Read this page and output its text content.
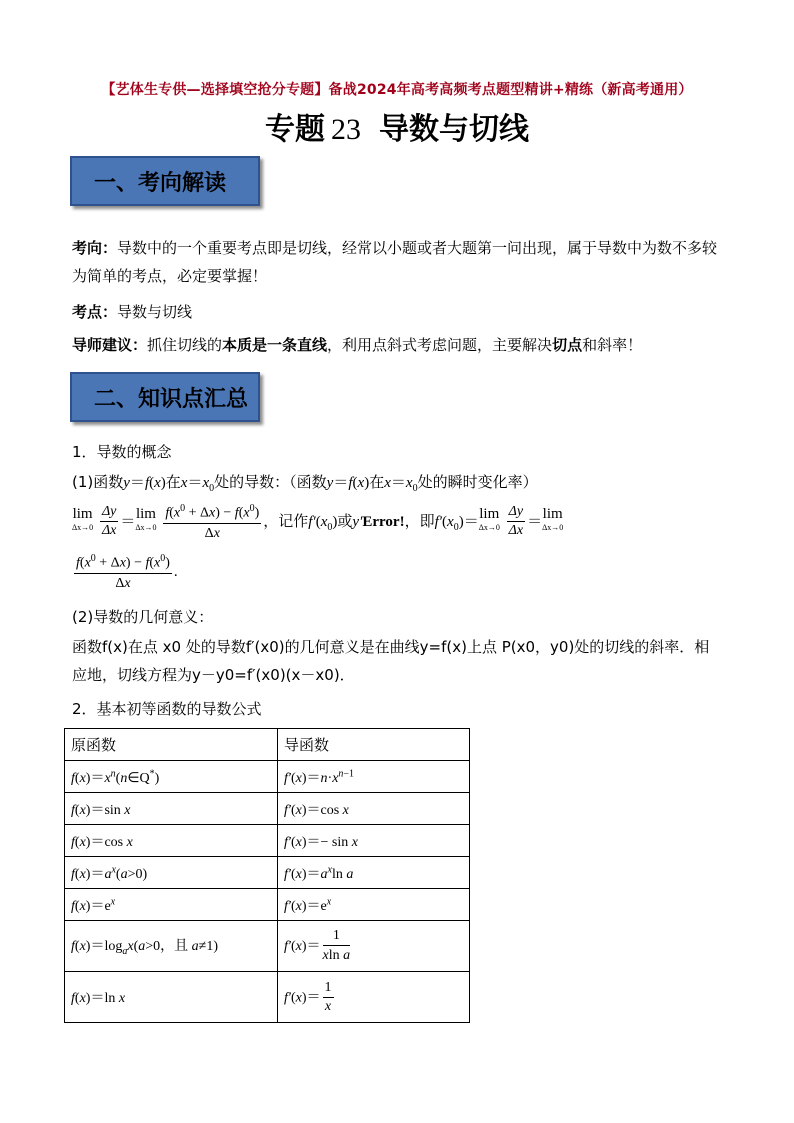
【艺体生专供—选择填空抢分专题】备战2024年高考高频考点题型精讲+精练（新高考通用）
专题 23 导数与切线
一、考向解读
考向：导数中的一个重要考点即是切线，经常以小题或者大题第一问出现，属于导数中为数不多较为简单的考点，必定要掌握！
考点：导数与切线
导师建议：抓住切线的本质是一条直线，利用点斜式考虑问题，主要解决切点和斜率！
二、知识点汇总
1．导数的概念
(1)函数y＝f(x)在$x=x_0$处的导数：（函数y＝f(x)在$x=x_0$处的瞬时变化率）
lim
Δx→0
$\frac{\Delta y}{\Delta x} = \lim$
Δx→0
$\frac{f(x^0 + \Delta x) - f(x^0)}{\Delta x}$ ，记作$f'(x_0)$或y′Error!，即$f'(x_0)= \lim$
Δx→0
$\frac{\Delta y}{\Delta x} = \lim$
Δx→0
$\frac{f(x^0 + \Delta x) - f(x^0)}{\Delta x}$ .
(2)导数的几何意义：
函数f(x)在点 x0 处的导数f′(x0)的几何意义是在曲线y=f(x)上点 P(x0，y0)处的切线的斜率．相应地，切线方程为y－y0=f′(x0)(x－x0)．
2．基本初等函数的导数公式
原函数	导函数
$f(x)=x^n(n\in Q^*)$	$f'(x)=n\cdot x^{n-1}$
f(x)＝sin x	f′(x)＝cos x
f(x)＝cos x	f′(x)＝− sin x
$f(x)=a^x(a>0)$	$f'(x)=a^x\ln$ a
$f(x)=e^x$	$f'(x)=e^x$
$f(x)=\log_ax(a>0$，且 a≠1)	$f'(x)= \frac{1}{\text{xln a}}$

f(x)＝ln x	$f'(x)= \frac{1}{x}$
